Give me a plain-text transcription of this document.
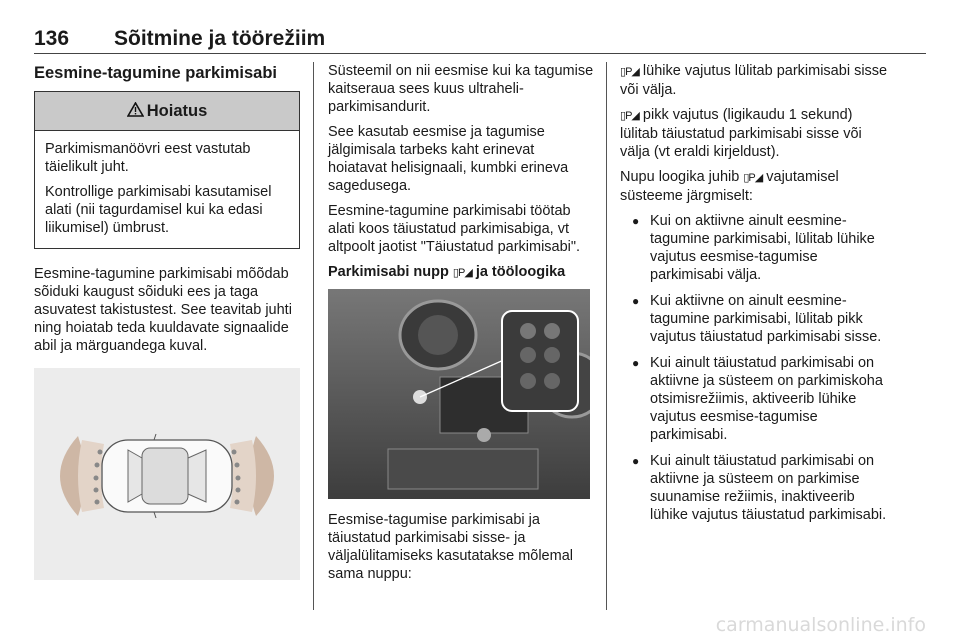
136 Sõitmine ja töörežiim
Eesmine-tagumine parkimisabi
Hoiatus

Parkimismanöövri eest vastutab täielikult juht.

Kontrollige parkimisabi kasutamisel alati (nii tagurdamisel kui ka edasi liikumisel) ümbrust.

Eesmine-tagumine parkimisabi mõõdab sõiduki kaugust sõiduki ees ja taga asuvatest takistustest. See teavitab juhti ning hoiatab teda kuuldavate signaalide abil ja märguandega kuval.

Süsteemil on nii eesmise kui ka tagumise kaitseraua sees kuus ultraheli-parkimisandurit.

See kasutab eesmise ja tagumise jälgimisala tarbeks kaht erinevat hoiatavat helisignaali, kumbki erineva sagedusega.

Eesmine-tagumine parkimisabi töötab alati koos täiustatud parkimisabiga, vt altpoolt jaotist "Täiustatud parkimisabi".

Parkimisabi nupp ▯P◢ ja tööloogika

Eesmise-tagumise parkimisabi ja täiustatud parkimisabi sisse- ja väljalülitamiseks kasutatakse mõlemal sama nuppu:

▯P◢ lühike vajutus lülitab parkimisabi sisse või välja.

▯P◢ pikk vajutus (ligikaudu 1 sekund) lülitab täiustatud parkimisabi sisse või välja (vt eraldi kirjeldust).

Nupu loogika juhib ▯P◢ vajutamisel süsteeme järgmiselt:

● Kui on aktiivne ainult eesmine-tagumine parkimisabi, lülitab lühike vajutus eesmise-tagumise parkimisabi välja.
● Kui aktiivne on ainult eesmine-tagumine parkimisabi, lülitab pikk vajutus täiustatud parkimisabi sisse.
● Kui ainult täiustatud parkimisabi on aktiivne ja süsteem on parkimiskoha otsimisrežiimis, aktiveerib lühike vajutus eesmise-tagumise parkimisabi.
● Kui ainult täiustatud parkimisabi on aktiivne ja süsteem on parkimise suunamise režiimis, inaktiveerib lühike vajutus täiustatud parkimisabi.
carmanualsonline.info
